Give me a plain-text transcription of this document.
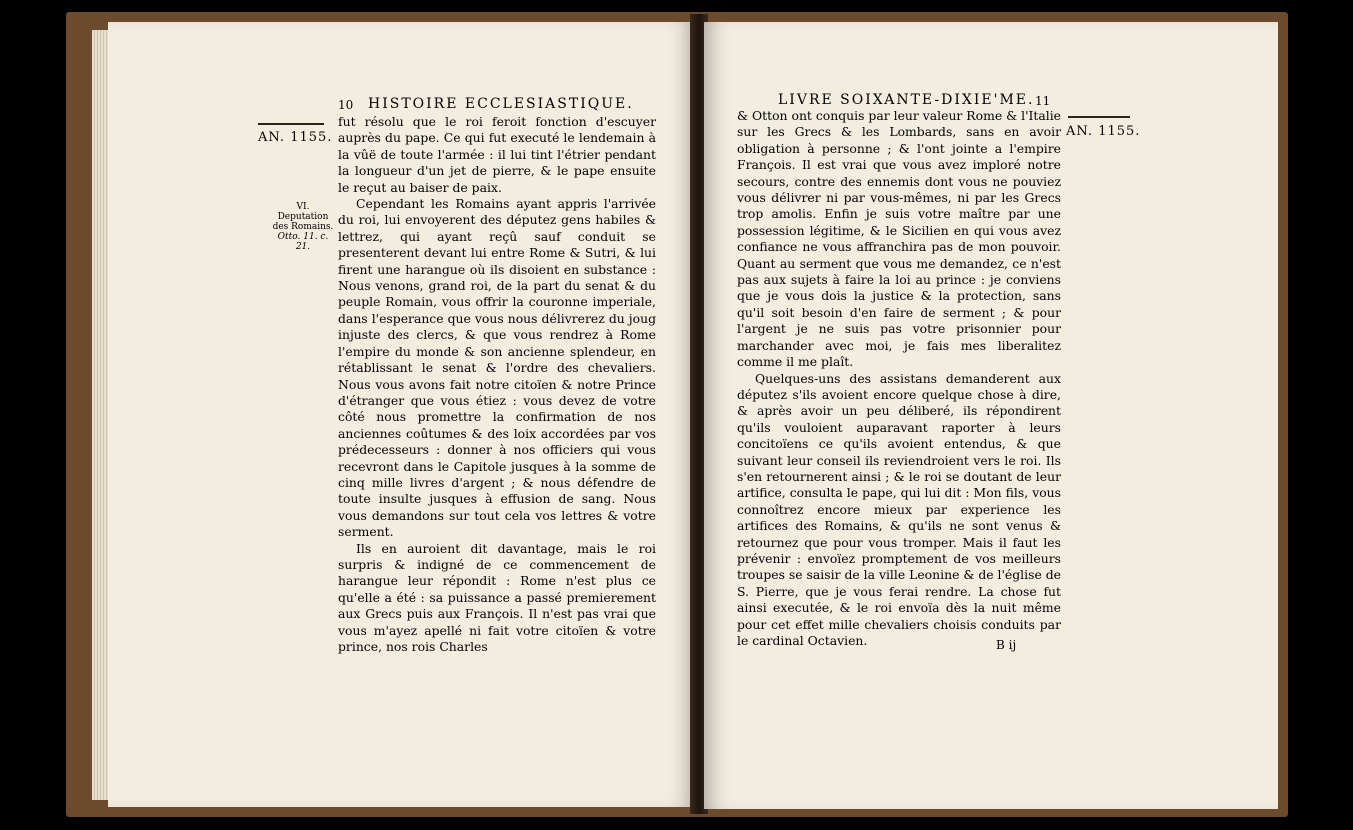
AN. 1155.
VI.
Deputation des Romains.
Otto. 11. c. 21.
10 HISTOIRE ECCLESIASTIQUE.

fut résolu que le roi feroit fonction d'escuyer auprès du pape. Ce qui fut executé le lendemain à la vûë de toute l'armée : il lui tint l'étrier pendant la longueur d'un jet de pierre, & le pape ensuite le reçut au baiser de paix.

Cependant les Romains ayant appris l'arrivée du roi, lui envoyerent des députez gens habiles & lettrez, qui ayant reçû sauf conduit se presenterent devant lui entre Rome & Sutri, & lui firent une harangue où ils disoient en substance : Nous venons, grand roi, de la part du senat & du peuple Romain, vous offrir la couronne imperiale, dans l'esperance que vous nous délivrerez du joug injuste des clercs, & que vous rendrez à Rome l'empire du monde & son ancienne splendeur, en rétablissant le senat & l'ordre des chevaliers. Nous vous avons fait notre citoïen & notre Prince d'étranger que vous étiez : vous devez de votre côté nous promettre la confirmation de nos anciennes coûtumes & des loix accordées par vos prédecesseurs : donner à nos officiers qui vous recevront dans le Capitole jusques à la somme de cinq mille livres d'argent ; & nous défendre de toute insulte jusques à effusion de sang. Nous vous demandons sur tout cela vos lettres & votre serment.

Ils en auroient dit davantage, mais le roi surpris & indigné de ce commencement de harangue leur répondit : Rome n'est plus ce qu'elle a été : sa puissance a passé premierement aux Grecs puis aux François. Il n'est pas vrai que vous m'ayez apellé ni fait votre citoïen & votre prince, nos rois Charles

LIVRE SOIXANTE-DIXIE'ME. 11
AN. 1155.

& Otton ont conquis par leur valeur Rome & l'Italie sur les Grecs & les Lombards, sans en avoir obligation à personne ; & l'ont jointe a l'empire François. Il est vrai que vous avez imploré notre secours, contre des ennemis dont vous ne pouviez vous délivrer ni par vous-mêmes, ni par les Grecs trop amolis. Enfin je suis votre maître par une possession légitime, & le Sicilien en qui vous avez confiance ne vous affranchira pas de mon pouvoir. Quant au serment que vous me demandez, ce n'est pas aux sujets à faire la loi au prince : je conviens que je vous dois la justice & la protection, sans qu'il soit besoin d'en faire de serment ; & pour l'argent je ne suis pas votre prisonnier pour marchander avec moi, je fais mes liberalitez comme il me plaît.

Quelques-uns des assistans demanderent aux députez s'ils avoient encore quelque chose à dire, & après avoir un peu déliberé, ils répondirent qu'ils vouloient auparavant raporter à leurs concitoïens ce qu'ils avoient entendus, & que suivant leur conseil ils reviendroient vers le roi. Ils s'en retournerent ainsi ; & le roi se doutant de leur artifice, consulta le pape, qui lui dit : Mon fils, vous connoîtrez encore mieux par experience les artifices des Romains, & qu'ils ne sont venus & retournez que pour vous tromper. Mais il faut les prévenir : envoïez promptement de vos meilleurs troupes se saisir de la ville Leonine & de l'église de S. Pierre, que je vous ferai rendre. La chose fut ainsi executée, & le roi envoïa dès la nuit même pour cet effet mille chevaliers choisis conduits par le cardinal Octavien.	B ij
